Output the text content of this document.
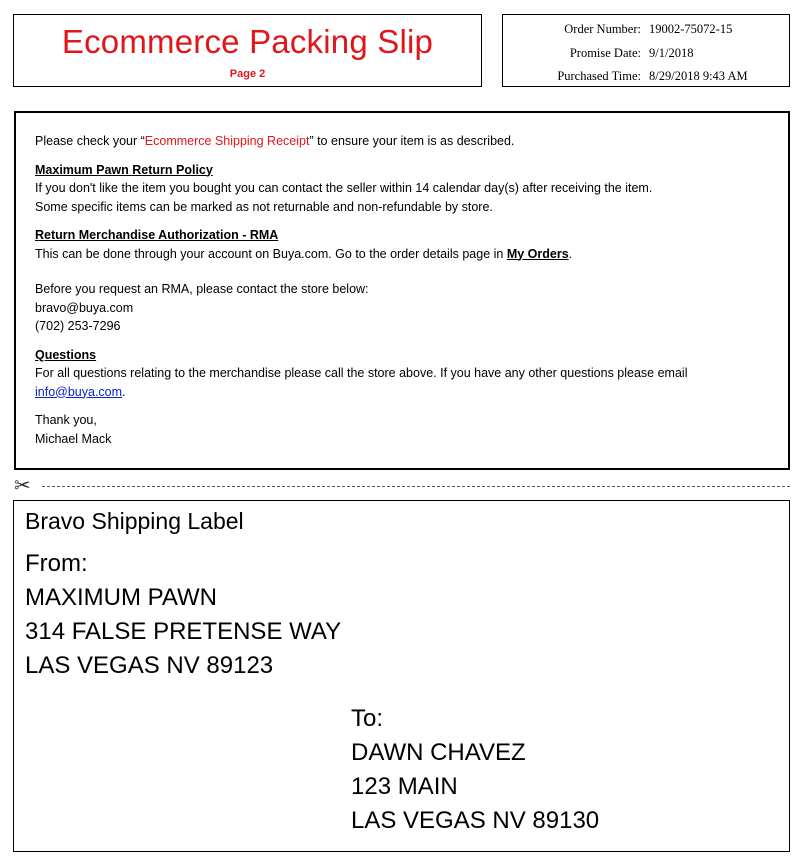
Ecommerce Packing Slip
Page 2
Order Number:	19002-75072-15
Promise Date:	9/1/2018
Purchased Time:	8/29/2018 9:43 AM

Please check your “Ecommerce Shipping Receipt” to ensure your item is as described.

Maximum Pawn Return Policy

If you don't like the item you bought you can contact the seller within 14 calendar day(s) after receiving the item.

Some specific items can be marked as not returnable and non-refundable by store.

Return Merchandise Authorization - RMA

This can be done through your account on Buya.com. Go to the order details page in My Orders.

Before you request an RMA, please contact the store below:

bravo@buya.com

(702) 253-7296

Questions

For all questions relating to the merchandise please call the store above. If you have any other questions please email

info@buya.com.

Thank you,

Michael Mack

✂
Bravo Shipping Label
From:
MAXIMUM PAWN
314 FALSE PRETENSE WAY
LAS VEGAS NV 89123
To:
DAWN CHAVEZ
123 MAIN
LAS VEGAS NV 89130
